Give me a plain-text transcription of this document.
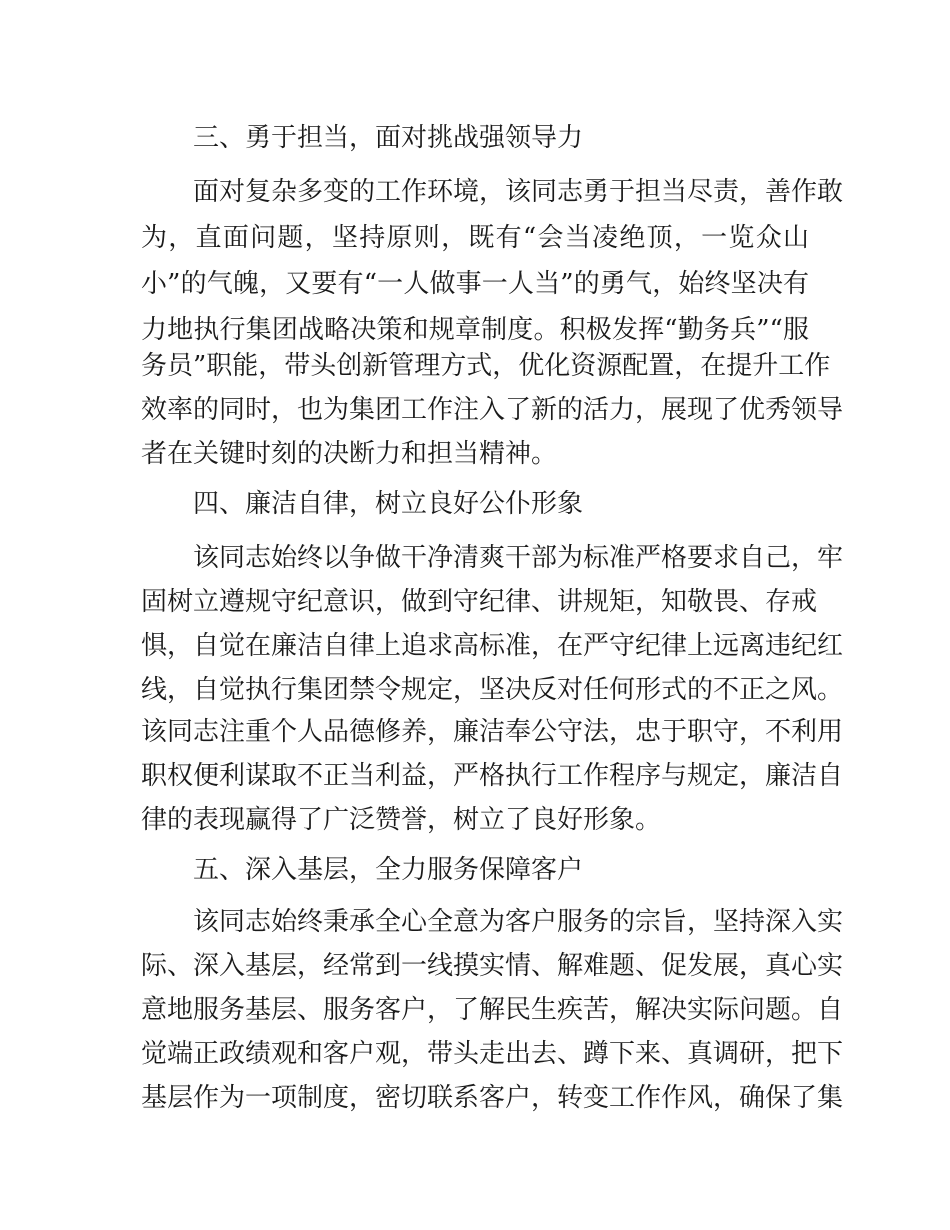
三、勇于担当，面对挑战强领导力
面对复杂多变的工作环境，该同志勇于担当尽责，善作敢
为，直面问题，坚持原则，既有“会当凌绝顶，一览众山
小”的气魄，又要有“一人做事一人当”的勇气，始终坚决有
力地执行集团战略决策和规章制度。积极发挥“勤务兵”“服
务员”职能，带头创新管理方式，优化资源配置，在提升工作
效率的同时，也为集团工作注入了新的活力，展现了优秀领导
者在关键时刻的决断力和担当精神。
四、廉洁自律，树立良好公仆形象
该同志始终以争做干净清爽干部为标准严格要求自己，牢
固树立遵规守纪意识，做到守纪律、讲规矩，知敬畏、存戒
惧，自觉在廉洁自律上追求高标准，在严守纪律上远离违纪红
线，自觉执行集团禁令规定，坚决反对任何形式的不正之风。
该同志注重个人品德修养，廉洁奉公守法，忠于职守，不利用
职权便利谋取不正当利益，严格执行工作程序与规定，廉洁自
律的表现赢得了广泛赞誉，树立了良好形象。
五、深入基层，全力服务保障客户
该同志始终秉承全心全意为客户服务的宗旨，坚持深入实
际、深入基层，经常到一线摸实情、解难题、促发展，真心实
意地服务基层、服务客户，了解民生疾苦，解决实际问题。自
觉端正政绩观和客户观，带头走出去、蹲下来、真调研，把下
基层作为一项制度，密切联系客户，转变工作作风，确保了集
